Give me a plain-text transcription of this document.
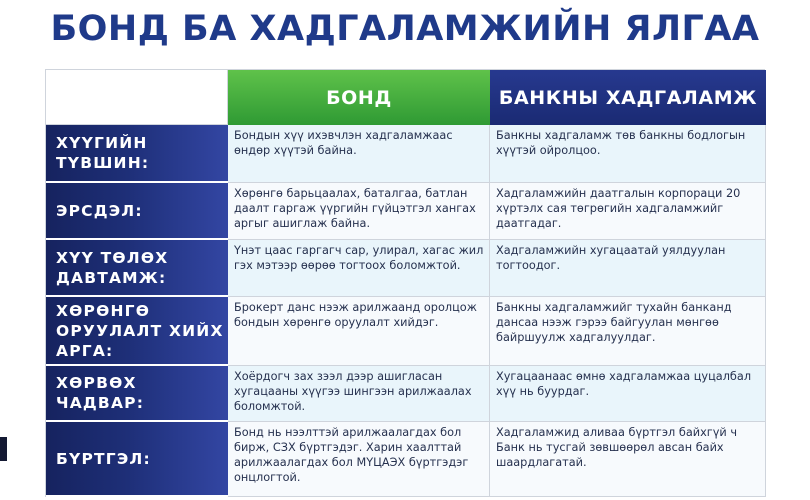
БОНД БА ХАДГАЛАМЖИЙН ЯЛГАА
БОНД	БАНКНЫ ХАДГАЛАМЖ
ХҮҮГИЙН ТҮВШИН:
Бондын хүү ихэвчлэн хадгаламжаас өндөр хүүтэй байна.
Банкны хадгаламж төв банкны бодлогын хүүтэй ойролцоо.
ЭРСДЭЛ:
Хөрөнгө барьцаалах, баталгаа, батлан даалт гаргаж үүргийн гүйцэтгэл хангах аргыг ашиглаж байна.
Хадгаламжийн даатгалын корпораци 20 хүртэлх сая төгрөгийн хадгаламжийг даатгадаг.
ХҮҮ ТӨЛӨХ ДАВТАМЖ:
Үнэт цаас гаргагч сар, улирал, хагас жил гэх мэтээр өөрөө тогтоох боломжтой.
Хадгаламжийн хугацаатай уялдуулан тогтоодог.
ХӨРӨНГӨ ОРУУЛАЛТ ХИЙХ АРГА:
Брокерт данс нээж арилжаанд оролцож бондын хөрөнгө оруулалт хийдэг.
Банкны хадгаламжийг тухайн банканд дансаа нээж гэрээ байгуулан мөнгөө байршуулж хадгалуулдаг.
ХӨРВӨХ ЧАДВАР:
Хоёрдогч зах зээл дээр ашигласан хугацааны хүүгээ шингээн арилжаалах боломжтой.
Хугацаанаас өмнө хадгаламжаа цуцалбал хүү нь буурдаг.
БҮРТГЭЛ:
Бонд нь нээлттэй арилжаалагдах бол бирж, СЗХ бүртгэдэг. Харин хаалттай арилжаалагдах бол МҮЦАЭХ бүртгэдэг онцлогтой.
Хадгаламжид аливаа бүртгэл байхгүй ч Банк нь тусгай зөвшөөрөл авсан байх шаардлагатай.
